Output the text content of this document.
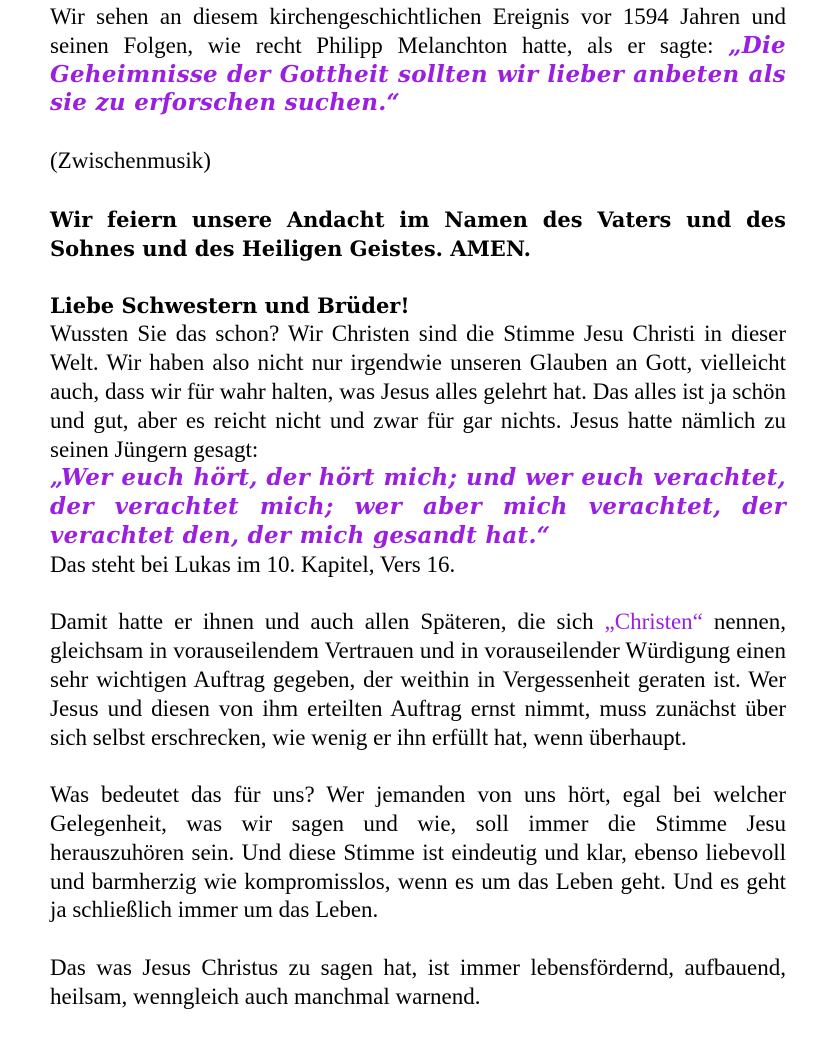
Wir sehen an diesem kirchengeschichtlichen Ereignis vor 1594 Jahren und seinen Folgen, wie recht Philipp Melanchton hatte, als er sagte: „Die Geheimnisse der Gottheit sollten wir lieber anbeten als sie zu erforschen suchen.“

(Zwischenmusik)

Wir feiern unsere Andacht im Namen des Vaters und des Sohnes und des Heiligen Geistes. AMEN.

Liebe Schwestern und Brüder!

Wussten Sie das schon? Wir Christen sind die Stimme Jesu Christi in dieser Welt. Wir haben also nicht nur irgendwie unseren Glauben an Gott, vielleicht auch, dass wir für wahr halten, was Jesus alles gelehrt hat. Das alles ist ja schön und gut, aber es reicht nicht und zwar für gar nichts. Jesus hatte nämlich zu seinen Jüngern gesagt:

„Wer euch hört, der hört mich; und wer euch verachtet, der verachtet mich; wer aber mich verachtet, der verachtet den, der mich gesandt hat.“

Das steht bei Lukas im 10. Kapitel, Vers 16.

Damit hatte er ihnen und auch allen Späteren, die sich „Christen“ nennen, gleichsam in vorauseilendem Vertrauen und in vorauseilender Würdigung einen sehr wichtigen Auftrag gegeben, der weithin in Vergessenheit geraten ist. Wer Jesus und diesen von ihm erteilten Auftrag ernst nimmt, muss zunächst über sich selbst erschrecken, wie wenig er ihn erfüllt hat, wenn überhaupt.

Was bedeutet das für uns? Wer jemanden von uns hört, egal bei welcher Gelegenheit, was wir sagen und wie, soll immer die Stimme Jesu herauszuhören sein. Und diese Stimme ist eindeutig und klar, ebenso liebevoll und barmherzig wie kompromisslos, wenn es um das Leben geht. Und es geht ja schließlich immer um das Leben.

Das was Jesus Christus zu sagen hat, ist immer lebensfördernd, aufbauend, heilsam, wenngleich auch manchmal warnend.
